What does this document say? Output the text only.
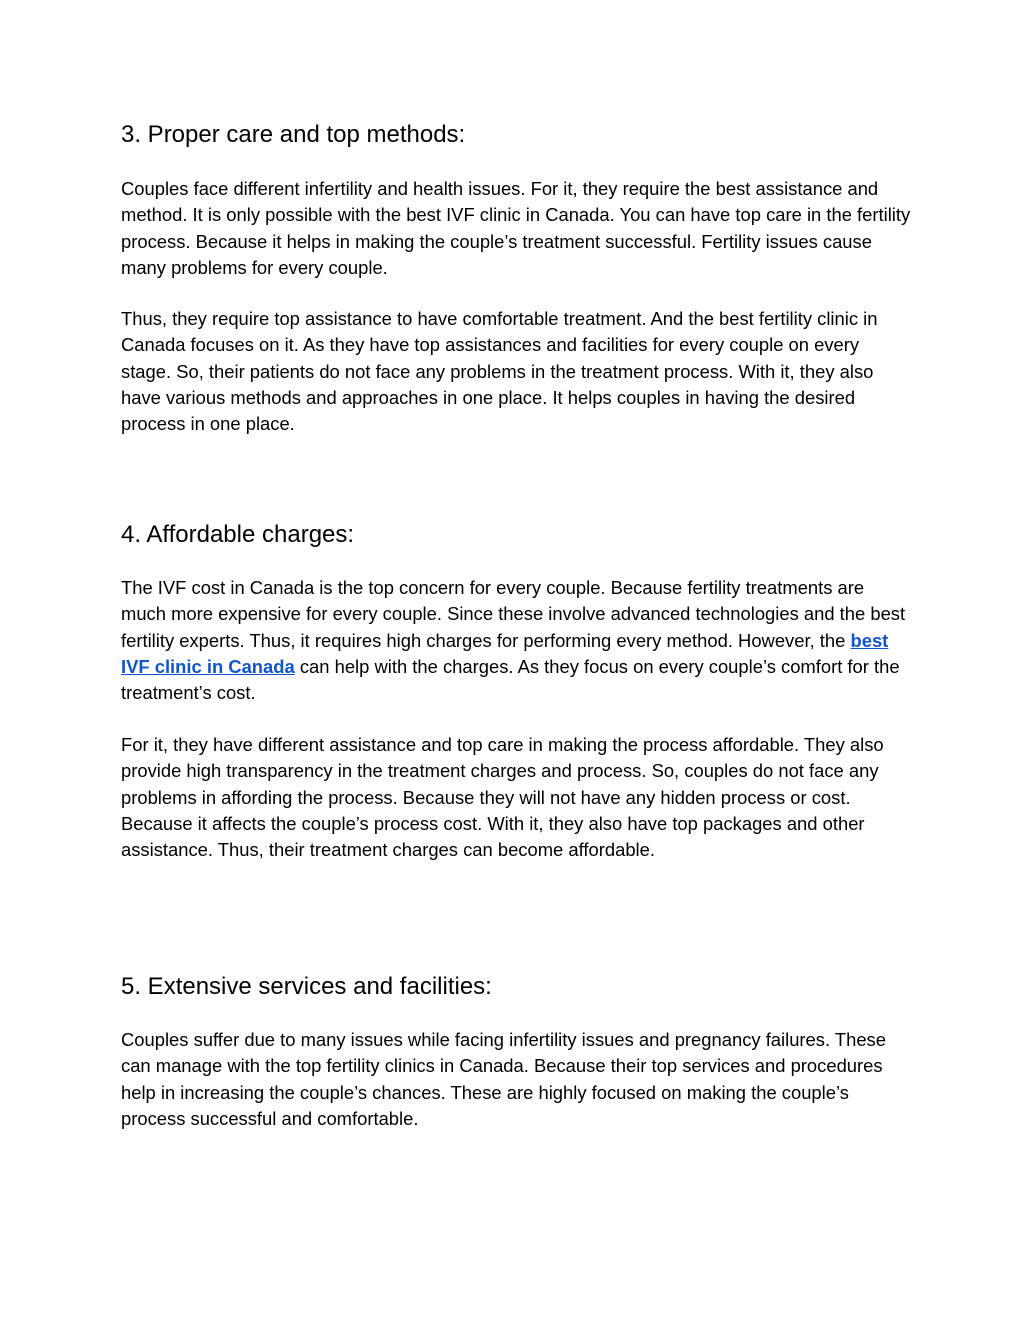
3. Proper care and top methods:

Couples face different infertility and health issues. For it, they require the best assistance and method. It is only possible with the best IVF clinic in Canada. You can have top care in the fertility process. Because it helps in making the couple’s treatment successful. Fertility issues cause many problems for every couple.

Thus, they require top assistance to have comfortable treatment. And the best fertility clinic in Canada focuses on it. As they have top assistances and facilities for every couple on every stage. So, their patients do not face any problems in the treatment process. With it, they also have various methods and approaches in one place. It helps couples in having the desired process in one place.

4. Affordable charges:

The IVF cost in Canada is the top concern for every couple. Because fertility treatments are much more expensive for every couple. Since these involve advanced technologies and the best fertility experts. Thus, it requires high charges for performing every method. However, the best IVF clinic in Canada can help with the charges. As they focus on every couple’s comfort for the treatment’s cost.

For it, they have different assistance and top care in making the process affordable. They also provide high transparency in the treatment charges and process. So, couples do not face any problems in affording the process. Because they will not have any hidden process or cost. Because it affects the couple’s process cost. With it, they also have top packages and other assistance. Thus, their treatment charges can become affordable.

5. Extensive services and facilities:

Couples suffer due to many issues while facing infertility issues and pregnancy failures. These can manage with the top fertility clinics in Canada. Because their top services and procedures help in increasing the couple’s chances. These are highly focused on making the couple’s process successful and comfortable.
